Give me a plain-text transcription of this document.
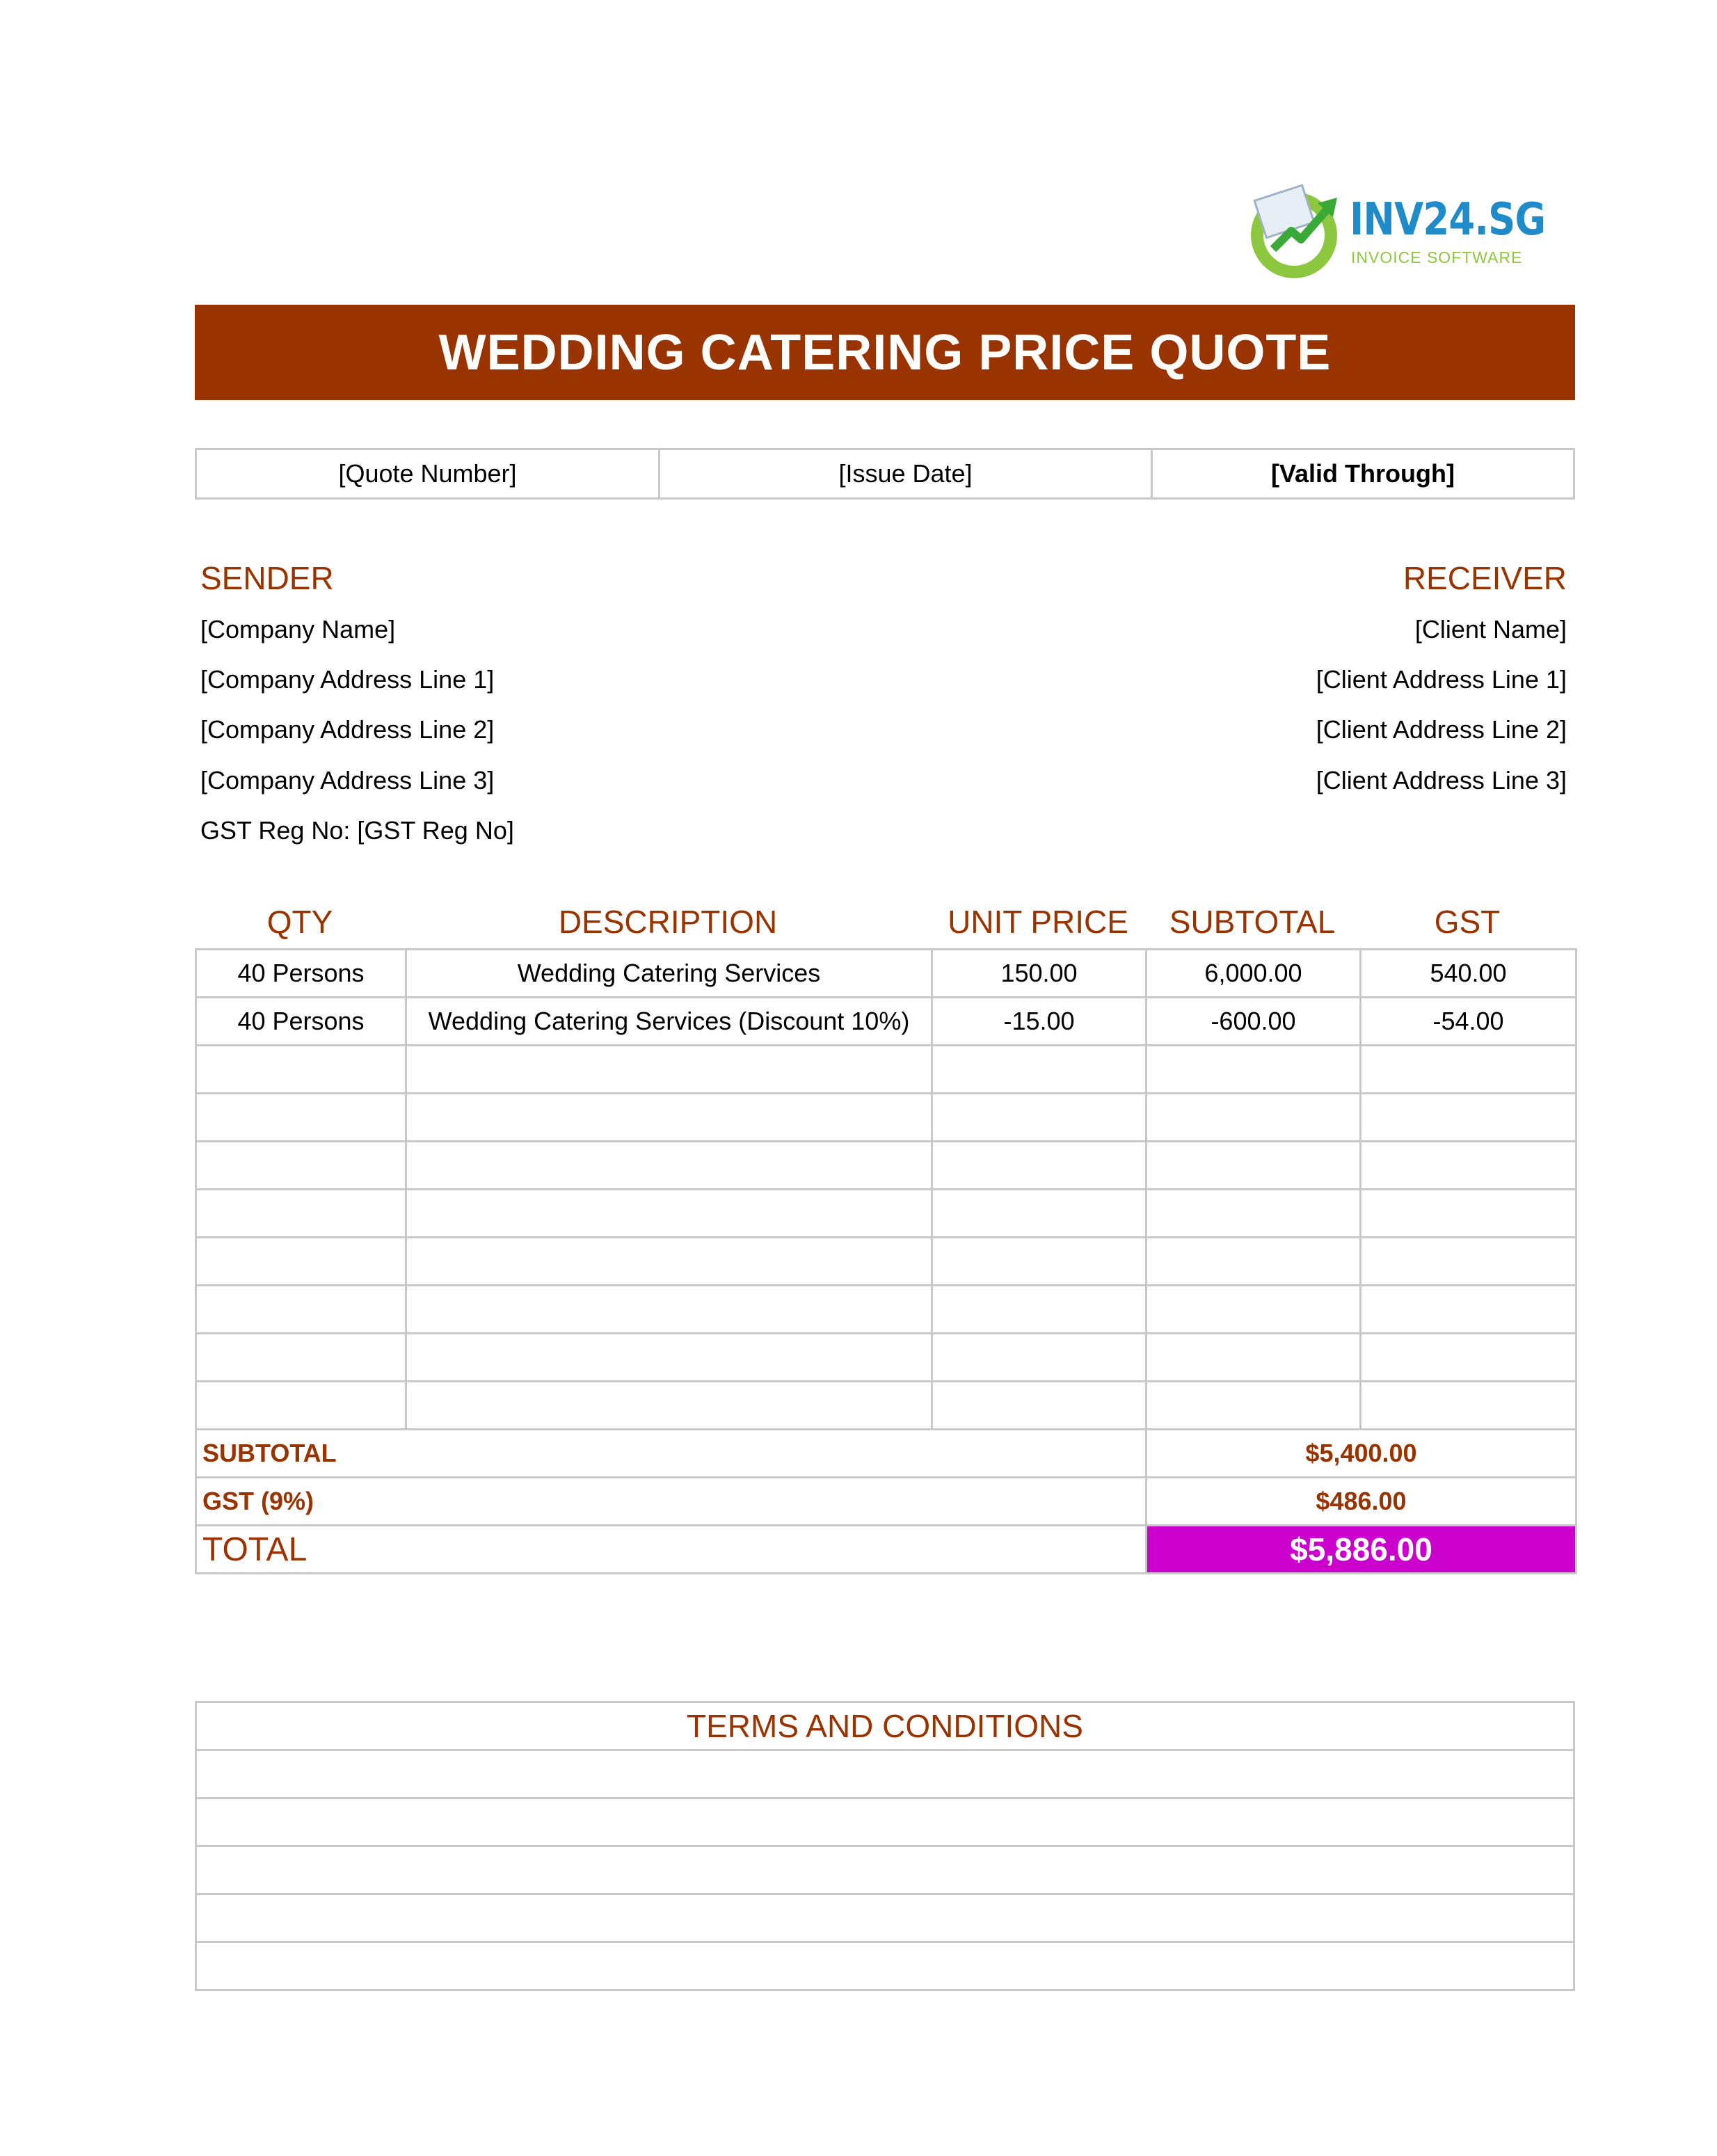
INV24.SG
INVOICE SOFTWARE
WEDDING CATERING PRICE QUOTE
[Quote Number]	[Issue Date]	[Valid Through]
SENDER
[Company Name]
[Company Address Line 1]
[Company Address Line 2]
[Company Address Line 3]
GST Reg No: [GST Reg No]
RECEIVER
[Client Name]
[Client Address Line 1]
[Client Address Line 2]
[Client Address Line 3]
QTY	DESCRIPTION	UNIT PRICE	SUBTOTAL	GST
40 Persons	Wedding Catering Services	150.00	6,000.00	540.00
40 Persons	Wedding Catering Services (Discount 10%)	-15.00	-600.00	-54.00

SUBTOTAL			$5,400.00	
GST (9%)			$486.00	
TOTAL			$5,886.00	
TERMS AND CONDITIONS
